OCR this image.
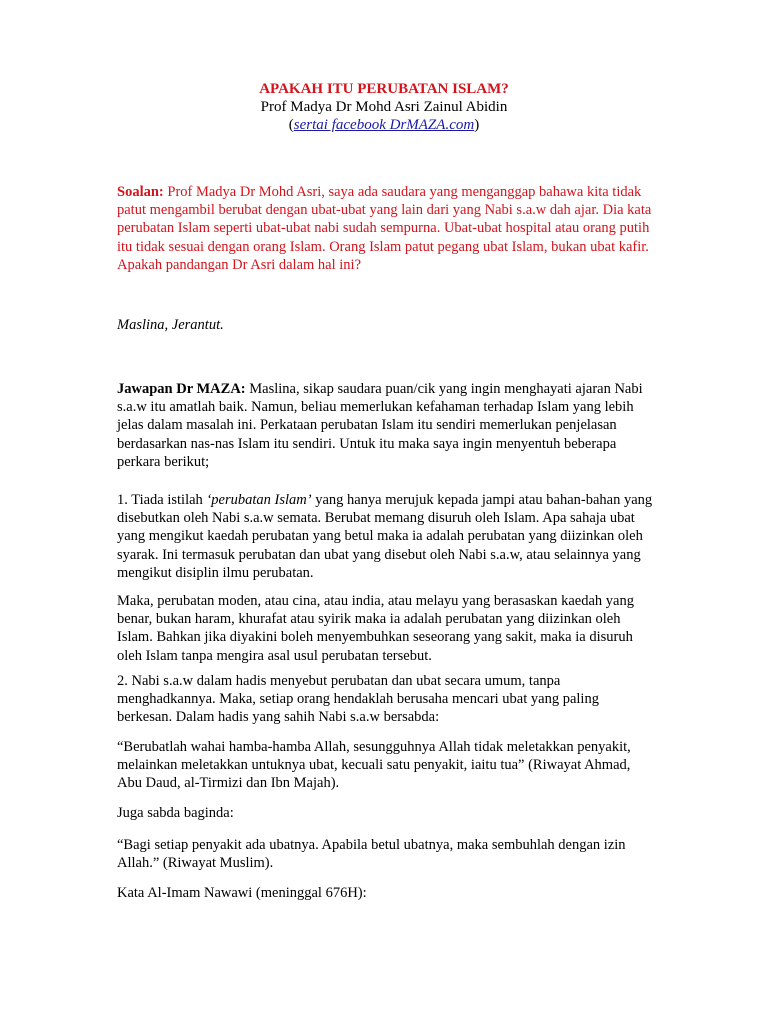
APAKAH ITU PERUBATAN ISLAM?
Prof Madya Dr Mohd Asri Zainul Abidin
(sertai facebook DrMAZA.com)

Soalan: Prof Madya Dr Mohd Asri, saya ada saudara yang menganggap bahawa kita tidak patut mengambil berubat dengan ubat-ubat yang lain dari yang Nabi s.a.w dah ajar. Dia kata perubatan Islam seperti ubat-ubat nabi sudah sempurna. Ubat-ubat hospital atau orang putih itu tidak sesuai dengan orang Islam. Orang Islam patut pegang ubat Islam, bukan ubat kafir. Apakah pandangan Dr Asri dalam hal ini?

Maslina, Jerantut.

Jawapan Dr MAZA: Maslina, sikap saudara puan/cik yang ingin menghayati ajaran Nabi s.a.w itu amatlah baik. Namun, beliau memerlukan kefahaman terhadap Islam yang lebih jelas dalam masalah ini. Perkataan perubatan Islam itu sendiri memerlukan penjelasan berdasarkan nas-nas Islam itu sendiri. Untuk itu maka saya ingin menyentuh beberapa perkara berikut;

1. Tiada istilah ‘perubatan Islam’ yang hanya merujuk kepada jampi atau bahan-bahan yang disebutkan oleh Nabi s.a.w semata. Berubat memang disuruh oleh Islam. Apa sahaja ubat yang mengikut kaedah perubatan yang betul maka ia adalah perubatan yang diizinkan oleh syarak. Ini termasuk perubatan dan ubat yang disebut oleh Nabi s.a.w, atau selainnya yang mengikut disiplin ilmu perubatan.

Maka, perubatan moden, atau cina, atau india, atau melayu yang berasaskan kaedah yang benar, bukan haram, khurafat atau syirik maka ia adalah perubatan yang diizinkan oleh Islam. Bahkan jika diyakini boleh menyembuhkan seseorang yang sakit, maka ia disuruh oleh Islam tanpa mengira asal usul perubatan tersebut.

2. Nabi s.a.w dalam hadis menyebut perubatan dan ubat secara umum, tanpa menghadkannya. Maka, setiap orang hendaklah berusaha mencari ubat yang paling berkesan. Dalam hadis yang sahih Nabi s.a.w bersabda:

“Berubatlah wahai hamba-hamba Allah, sesungguhnya Allah tidak meletakkan penyakit, melainkan meletakkan untuknya ubat, kecuali satu penyakit, iaitu tua” (Riwayat Ahmad, Abu Daud, al-Tirmizi dan Ibn Majah).

Juga sabda baginda:

“Bagi setiap penyakit ada ubatnya. Apabila betul ubatnya, maka sembuhlah dengan izin Allah.” (Riwayat Muslim).

Kata Al-Imam Nawawi (meninggal 676H):
